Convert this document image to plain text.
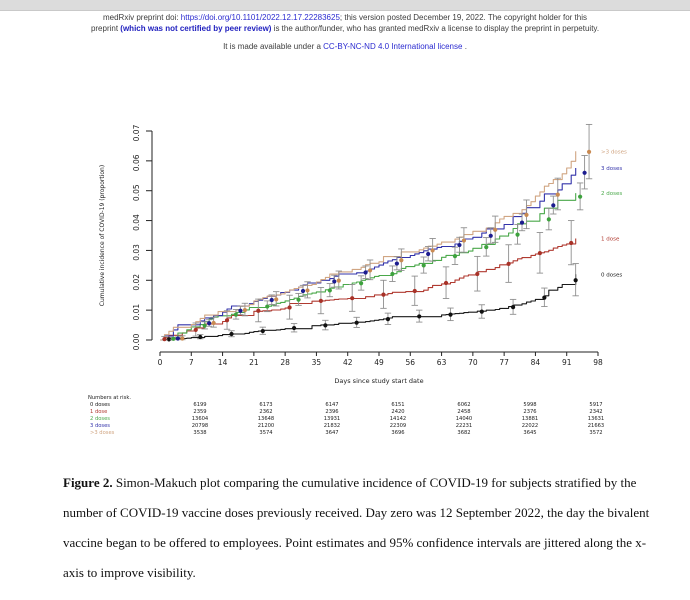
medRxiv preprint doi: https://doi.org/10.1101/2022.12.17.22283625; this version posted December 19, 2022. The copyright holder for this
preprint (which was not certified by peer review) is the author/funder, who has granted medRxiv a license to display the preprint in perpetuity.
It is made available under a CC-BY-NC-ND 4.0 International license .
0.00
0.01
0.02
0.03
0.04
0.05
0.06
0.07
0	7	14	21	28	35	42	49	56	63	70	77	84	91	98
Days since study start date
Cumulative incidence of COVID-19 (proportion)	0 doses
1 dose
2 doses
3 doses
>3 doses
Numbers at risk.
0 doses	6199	6173	6147	6151	6062	5998	5917
1 dose	2359	2362	2396	2420	2458	2376	2342
2 doses	13604	13648	13931	14142	14040	13881	13631
3 doses	20798	21200	21832	22309	22231	22022	21663
>3 doses	3538	3574	3647	3696	3682	3645	3572
Figure 2. Simon-Makuch plot comparing the cumulative incidence of COVID-19 for subjects stratified by the number of COVID-19 vaccine doses previously received. Day zero was 12 September 2022, the day the bivalent vaccine began to be offered to employees. Point estimates and 95% confidence intervals are jittered along the x-axis to improve visibility.
